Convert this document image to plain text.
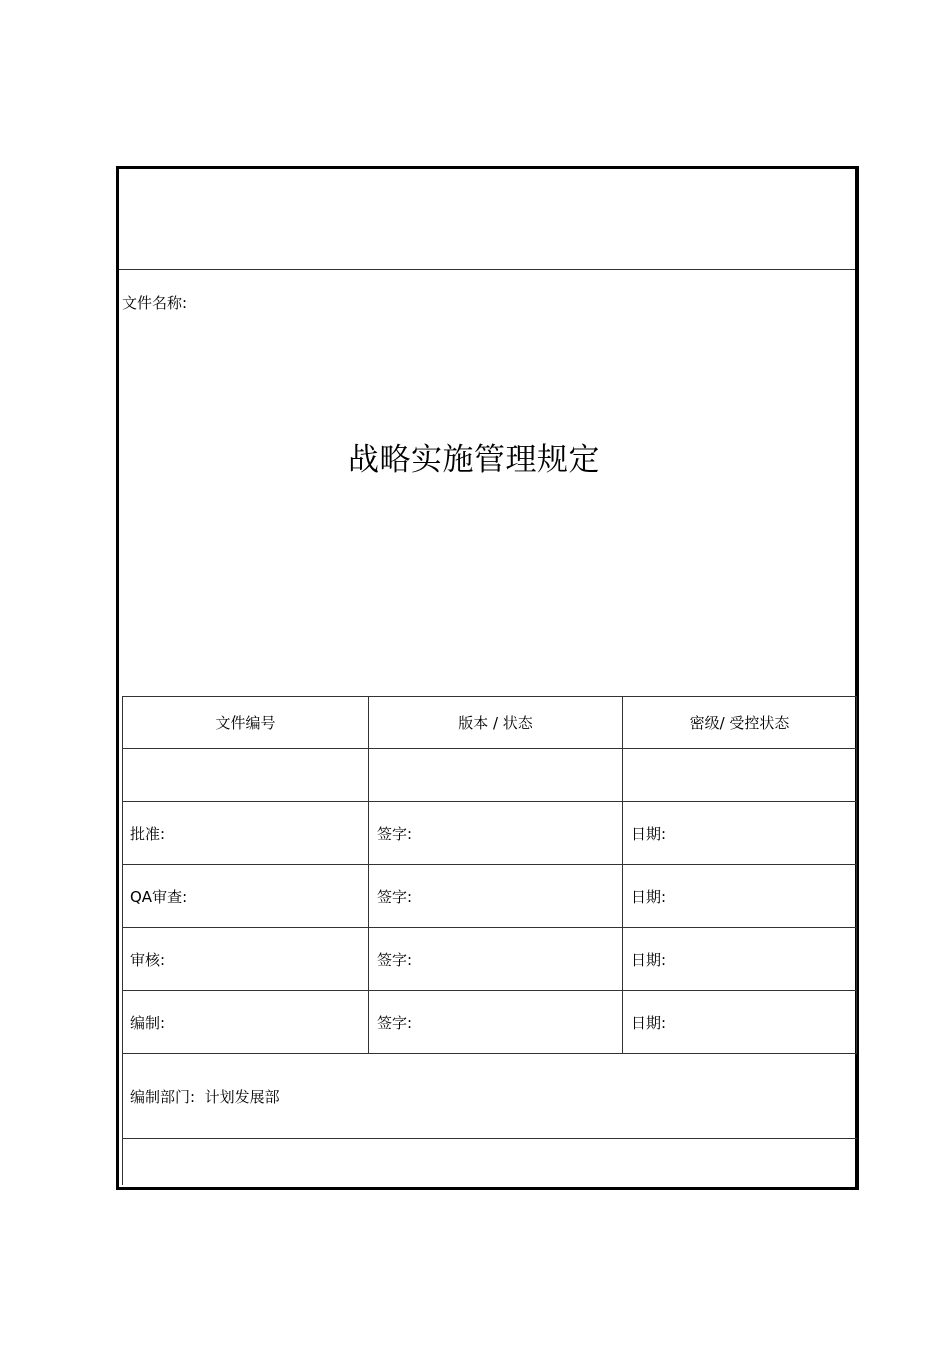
文件名称:
战略实施管理规定
文件编号	版本 / 状态	密级/ 受控状态

批准:	签字:	日期:
QA审查:	签字:	日期:
审核:	签字:	日期:
编制:	签字:	日期:
编制部门: 计划发展部		
